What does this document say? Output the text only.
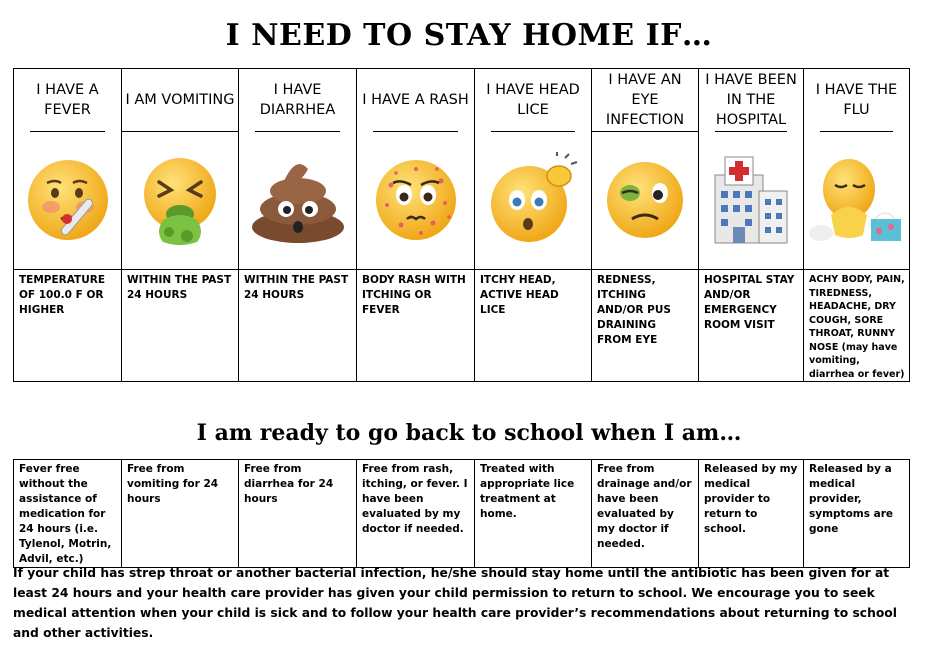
I NEED TO STAY HOME IF…
I HAVE A FEVER	I AM VOMITING	I HAVE DIARRHEA	I HAVE A RASH	I HAVE HEAD LICE	I HAVE AN EYE INFECTION	I HAVE BEEN IN THE HOSPITAL	I HAVE THE FLU

TEMPERATURE OF 100.0 F OR HIGHER	WITHIN THE PAST 24 HOURS	WITHIN THE PAST 24 HOURS	BODY RASH WITH ITCHING OR FEVER	ITCHY HEAD, ACTIVE HEAD LICE	REDNESS, ITCHING AND/OR PUS DRAINING FROM EYE	HOSPITAL STAY AND/OR EMERGENCY ROOM VISIT	ACHY BODY, PAIN, TIREDNESS, HEADACHE, DRY COUGH, SORE THROAT, RUNNY NOSE (may have vomiting, diarrhea or fever)
I am ready to go back to school when I am…
Fever free without the assistance of medication for 24 hours (i.e. Tylenol, Motrin, Advil, etc.)	Free from vomiting for 24 hours	Free from diarrhea for 24 hours	Free from rash, itching, or fever. I have been evaluated by my doctor if needed.	Treated with appropriate lice treatment at home.	Free from drainage and/or have been evaluated by my doctor if needed.	Released by my medical provider to return to school.	Released by a medical provider, symptoms are gone
If your child has strep throat or another bacterial infection, he/she should stay home until the antibiotic has been given for at least 24 hours and your health care provider has given your child permission to return to school. We encourage you to seek medical attention when your child is sick and to follow your health care provider’s recommendations about returning to school and other activities.
